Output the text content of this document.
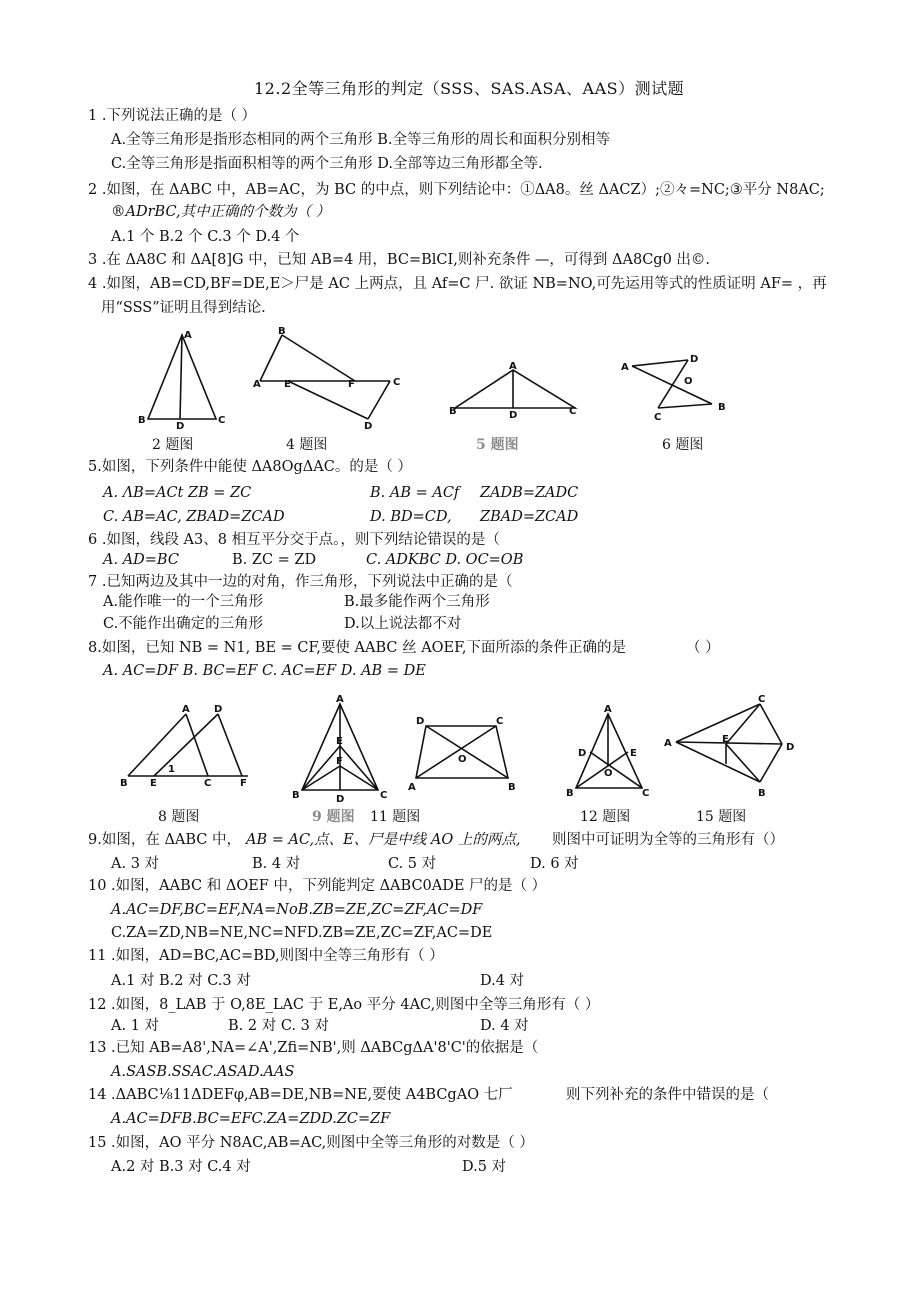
12.2全等三角形的判定（SSS、SAS.ASA、AAS）测试题
1 .下列说法正确的是（ ）
A.全等三角形是指形态相同的两个三角形 B.全等三角形的周长和面积分别相等
C.全等三角形是指面积相等的两个三角形 D.全部等边三角形都全等.
2 .如图，在 ΔABC 中，AB=AC，为 BC 的中点，则下列结论中：①ΔA8。丝 ΔACZ）;②々=NC;③平分 N8AC;
®ADrBC,其中正确的个数为（ ）
A.1 个 B.2 个 C.3 个 D.4 个
3 .在 ΔA8C 和 ΔA[8]G 中，已知 AB=4 用，BC=BlCI,则补充条件 —，可得到 ΔA8Cg0 出©.
4 .如图，AB=CD,BF=DE,E＞尸是 AC 上两点，且 Af=C 尸. 欲证 NB=NO,可先运用等式的性质证明 AF= ，再
用“SSS”证明且得到结论.
A
B
D
C
2 题图
B
A E	F	C
D
4 题图
A
B	D	C
5 题图
A
D
O
C
B
6 题图
5.如图，下列条件中能使 ΔA8OgΔAC。的是（ ）
A. ΛB=ACt ZB = ZC	B. AB = ACf ZADB=ZADC
C. AB=AC, ZBAD=ZCAD	D. BD=CD, ZBAD=ZCAD
6 .如图，线段 A3、8 相互平分交于点。，则下列结论错误的是（
A. AD=BC	B. ZC = ZD	C. ADKBC D. OC=OB
7 .已知两边及其中一边的对角，作三角形，下列说法中正确的是（
A.能作唯一的一个三角形	B.最多能作两个三角形
C.不能作出确定的三角形	D.以上说法都不对
8.如图，已知 NB = N1, BE = CF,要使 AABC 丝 AOEF,下面所添的条件正确的是	（ ）
A. AC=DF B. BC=EF C. AC=EF D. AB = DE
A D
B E
1
C	F
8 题图
A
E
F
B	D	C
9 题图 11 题图
D	C
O
A	B
A
D	E
O
B	C
12 题图
A
C
E
D
B
15 题图
9.如图，在 ΔABC 中， AB = AC,点、E、尸是中线 AO 上的两点, 则图中可证明为全等的三角形有（）
A. 3 对	B. 4 对	C. 5 对	D. 6 对
10 .如图，AABC 和 ΔOEF 中，下列能判定 ΔABC0ADE 尸的是（ ）
A.AC=DF,BC=EF,NA=NoB.ZB=ZE,ZC=ZF,AC=DF
C.ZA=ZD,NB=NE,NC=NFD.ZB=ZE,ZC=ZF,AC=DE
11 .如图，AD=BC,AC=BD,则图中全等三角形有（ ）
A.1 对 B.2 对 C.3 对	D.4 对
12 .如图，8_LAB 于 O,8E_LAC 于 E,Ao 平分 4AC,则图中全等三角形有（ ）
A. 1 对	B. 2 对 C. 3 对	D. 4 对
13 .已知 AB=A8',NA=∠A',Zfi=NB',则 ΔABCgΔA'8'C'的依据是（
A.SASB.SSAC.ASAD.AAS
14 .ΔABC⅛11ΔDEFφ,AB=DE,NB=NE,要使 A4BCgAO 七厂	则下列补充的条件中错误的是（
A.AC=DFB.BC=EFC.ZA=ZDD.ZC=ZF
15 .如图，AO 平分 N8AC,AB=AC,则图中全等三角形的对数是（ ）
A.2 对 B.3 对 C.4 对	D.5 对
